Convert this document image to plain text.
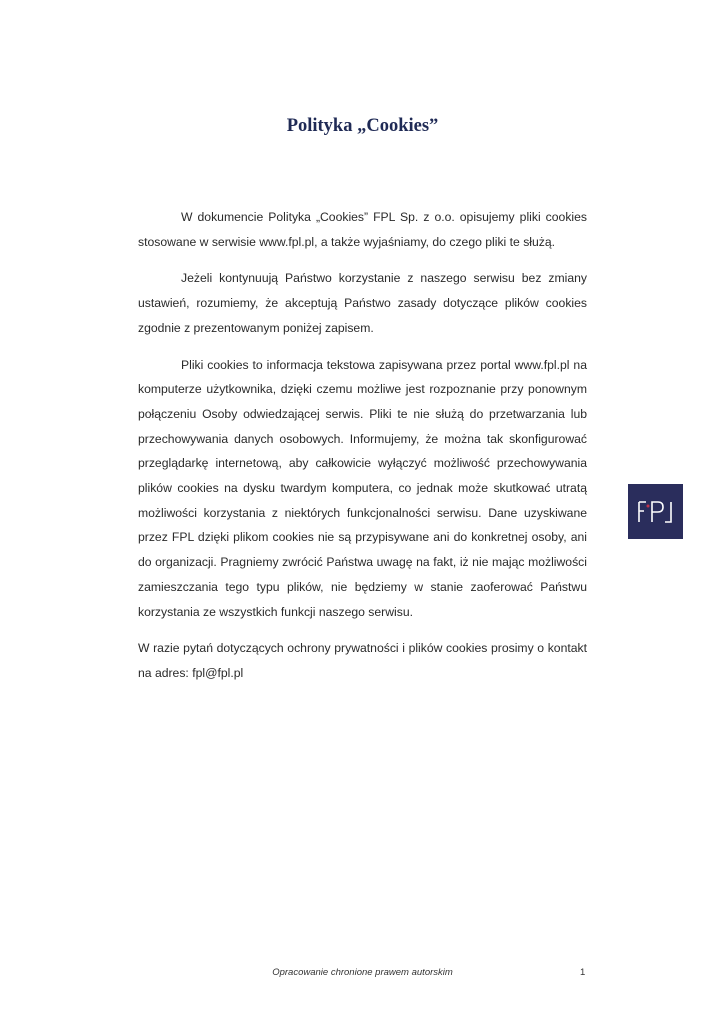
Polityka „Cookies”

W dokumencie Polityka „Cookies” FPL Sp. z o.o. opisujemy pliki cookies stosowane w serwisie www.fpl.pl, a także wyjaśniamy, do czego pliki te służą.

Jeżeli kontynuują Państwo korzystanie z naszego serwisu bez zmiany ustawień, rozumiemy, że akceptują Państwo zasady dotyczące plików cookies zgodnie z prezentowanym poniżej zapisem.

Pliki cookies to informacja tekstowa zapisywana przez portal www.fpl.pl na komputerze użytkownika, dzięki czemu możliwe jest rozpoznanie przy ponownym połączeniu Osoby odwiedzającej serwis. Pliki te nie służą do przetwarzania lub przechowywania danych osobowych. Informujemy, że można tak skonfigurować przeglądarkę internetową, aby całkowicie wyłączyć możliwość przechowywania plików cookies na dysku twardym komputera, co jednak może skutkować utratą możliwości korzystania z niektórych funkcjonalności serwisu. Dane uzyskiwane przez FPL dzięki plikom cookies nie są przypisywane ani do konkretnej osoby, ani do organizacji. Pragniemy zwrócić Państwa uwagę na fakt, iż nie mając możliwości zamieszczania tego typu plików, nie będziemy w stanie zaoferować Państwu korzystania ze wszystkich funkcji naszego serwisu.

W razie pytań dotyczących ochrony prywatności i plików cookies prosimy o kontakt na adres: fpl@fpl.pl

Opracowanie chronione prawem autorskim	1
